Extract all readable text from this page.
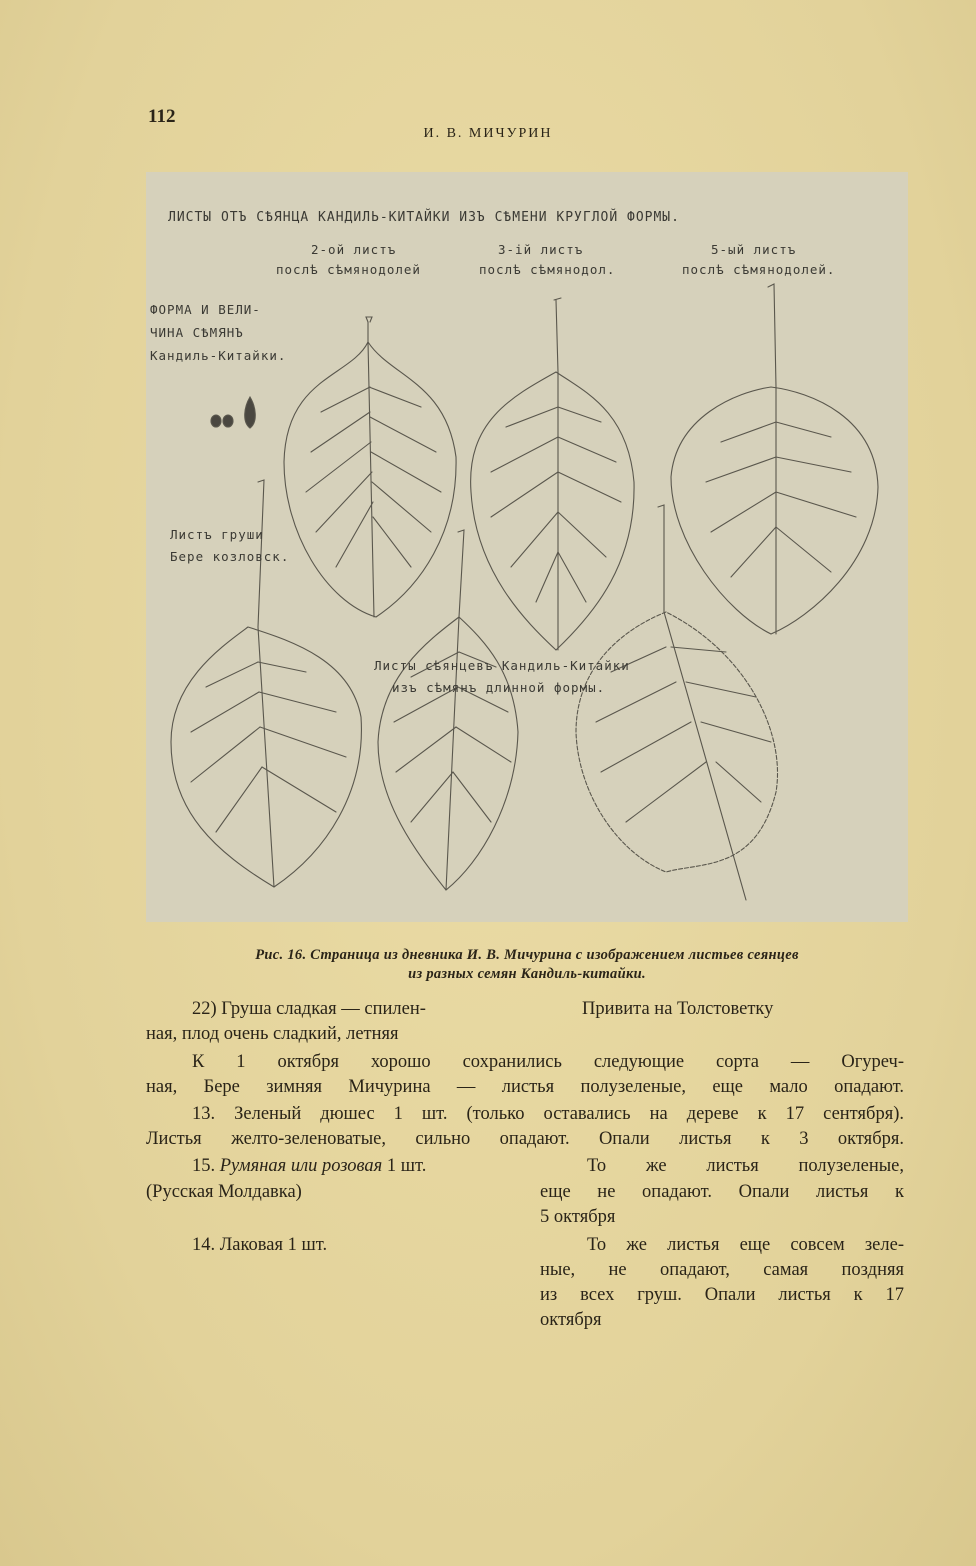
112
И. В. МИЧУРИН
ЛИСТЫ ОТЪ СѢЯНЦА КАНДИЛЬ-КИТАЙКИ ИЗЪ СѢМЕНИ КРУГЛОЙ ФОРМЫ.
2-ой листъ
послѣ сѣмянодолей
3-iй листъ
послѣ сѣмянодол.
5-ый листъ
послѣ сѣмянодолей.
ФОРМА И ВЕЛИ-
ЧИНА СѢМЯНЪ
Кандиль-Китайки.
Листъ груши
Бере козловск.
Листы сѣянцевъ Кандиль-Китайки
изъ сѣмянъ длинной формы.
Рис. 16. Страница из дневника И. В. Мичурина с изображением листьев сеянцев
из разных семян Кандиль-китайки.
22) Груша сладкая — спилен-
ная, плод очень сладкий, летняя
Привита на Толстоветку
К 1 октября хорошо сохранились следующие сорта — Огуреч-
ная, Бере зимняя Мичурина — листья полузеленые, еще мало опадают.
13. Зеленый дюшес 1 шт. (только оставались на дереве к 17 сентября).
Листья желто-зеленоватые, сильно опадают. Опали листья к 3 октября.
15. Румяная или розовая 1 шт.
(Русская Молдавка)
То же листья полузеленые,
еще не опадают. Опали листья к
5 октября
14. Лаковая 1 шт.	То же листья еще совсем зеле-
ные, не опадают, самая поздняя
из всех груш. Опали листья к 17
октября
